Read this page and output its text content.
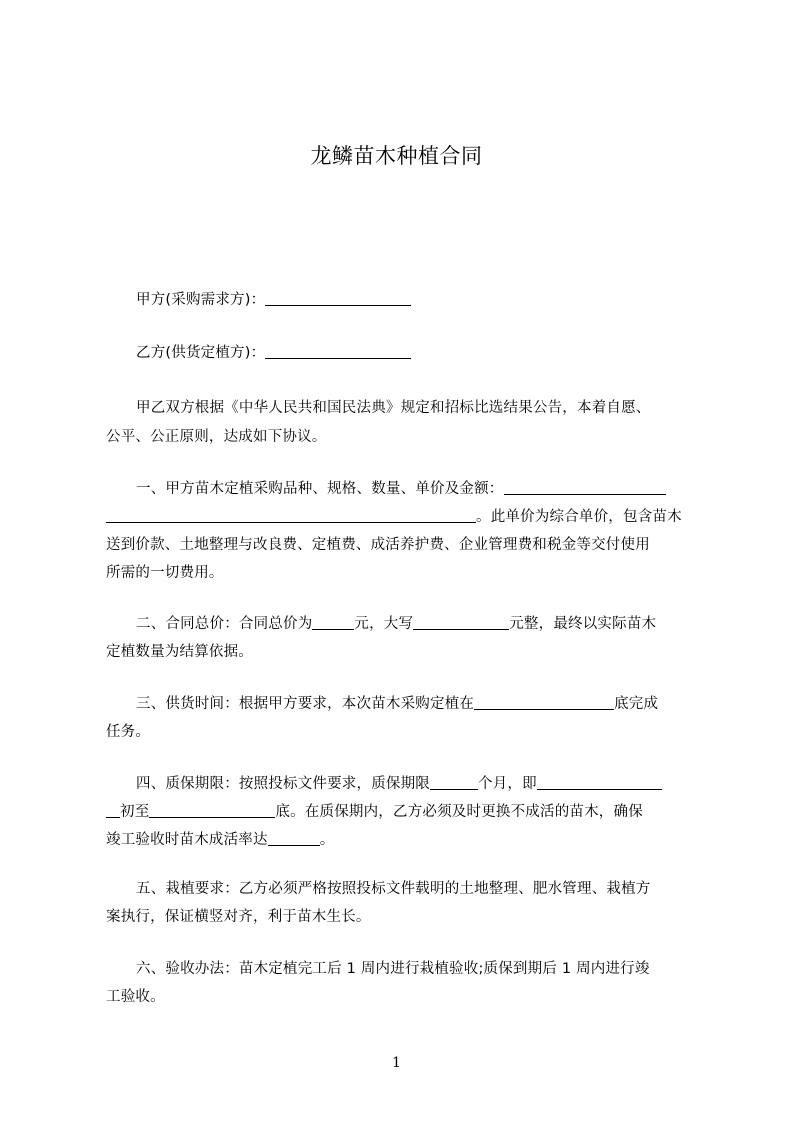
龙鳞苗木种植合同
甲方(采购需求方)：
乙方(供货定植方)：
甲乙双方根据《中华人民共和国民法典》规定和招标比选结果公告，本着自愿、
公平、公正原则，达成如下协议。
一、甲方苗木定植采购品种、规格、数量、单价及金额：
。此单价为综合单价，包含苗木
送到价款、土地整理与改良费、定植费、成活养护费、企业管理费和税金等交付使用
所需的一切费用。
二、合同总价：合同总价为	元，大写	元整，最终以实际苗木
定植数量为结算依据。
三、供货时间：根据甲方要求，本次苗木采购定植在	底完成
任务。
四、质保期限：按照投标文件要求，质保期限	个月，即
初至	底。在质保期内，乙方必须及时更换不成活的苗木，确保
竣工验收时苗木成活率达	。
五、栽植要求：乙方必须严格按照投标文件载明的土地整理、肥水管理、栽植方
案执行，保证横竖对齐，利于苗木生长。
六、验收办法：苗木定植完工后 1 周内进行栽植验收;质保到期后 1 周内进行竣
工验收。
1
